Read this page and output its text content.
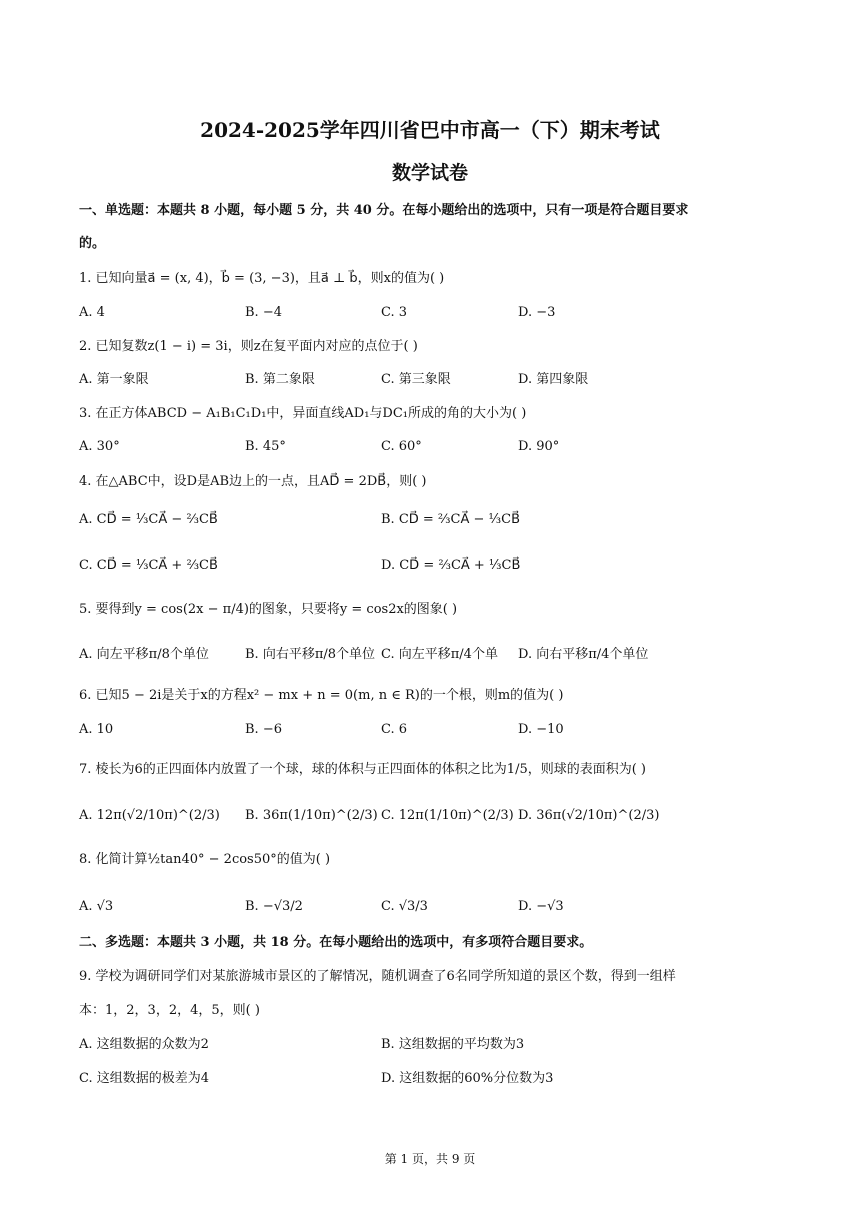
2024-2025学年四川省巴中市高一（下）期末考试
数学试卷
一、单选题：本题共 8 小题，每小题 5 分，共 40 分。在每小题给出的选项中，只有一项是符合题目要求
的。
1. 已知向量a⃗ = (x, 4)，b⃗ = (3, −3)，且a⃗ ⊥ b⃗，则x的值为( )
A. 4	B. −4	C. 3	D. −3
2. 已知复数z(1 − i) = 3i，则z在复平面内对应的点位于( )
A. 第一象限	B. 第二象限	C. 第三象限	D. 第四象限
3. 在正方体ABCD − A₁B₁C₁D₁中，异面直线AD₁与DC₁所成的角的大小为( )
A. 30°	B. 45°	C. 60°	D. 90°
4. 在△ABC中，设D是AB边上的一点，且AD⃗ = 2DB⃗，则( )
A. CD⃗ = ⅓CA⃗ − ⅔CB⃗	B. CD⃗ = ⅔CA⃗ − ⅓CB⃗
C. CD⃗ = ⅓CA⃗ + ⅔CB⃗	D. CD⃗ = ⅔CA⃗ + ⅓CB⃗
5. 要得到y = cos(2x − π/4)的图象，只要将y = cos2x的图象( )
A. 向左平移π/8个单位	B. 向右平移π/8个单位 C. 向左平移π/4个单 D. 向右平移π/4个单位
6. 已知5 − 2i是关于x的方程x² − mx + n = 0(m, n ∈ R)的一个根，则m的值为( )
A. 10	B. −6	C. 6	D. −10
7. 棱长为6的正四面体内放置了一个球，球的体积与正四面体的体积之比为1/5，则球的表面积为( )
A. 12π(√2/10π)^(2/3) B. 36π(1/10π)^(2/3) C. 12π(1/10π)^(2/3) D. 36π(√2/10π)^(2/3)
8. 化简计算½tan40° − 2cos50°的值为( )
A. √3	B. −√3/2	C. √3/3	D. −√3
二、多选题：本题共 3 小题，共 18 分。在每小题给出的选项中，有多项符合题目要求。
9. 学校为调研同学们对某旅游城市景区的了解情况，随机调查了6名同学所知道的景区个数，得到一组样
本：1，2，3，2，4，5，则( )
A. 这组数据的众数为2	B. 这组数据的平均数为3
C. 这组数据的极差为4	D. 这组数据的60%分位数为3
第 1 页，共 9 页
